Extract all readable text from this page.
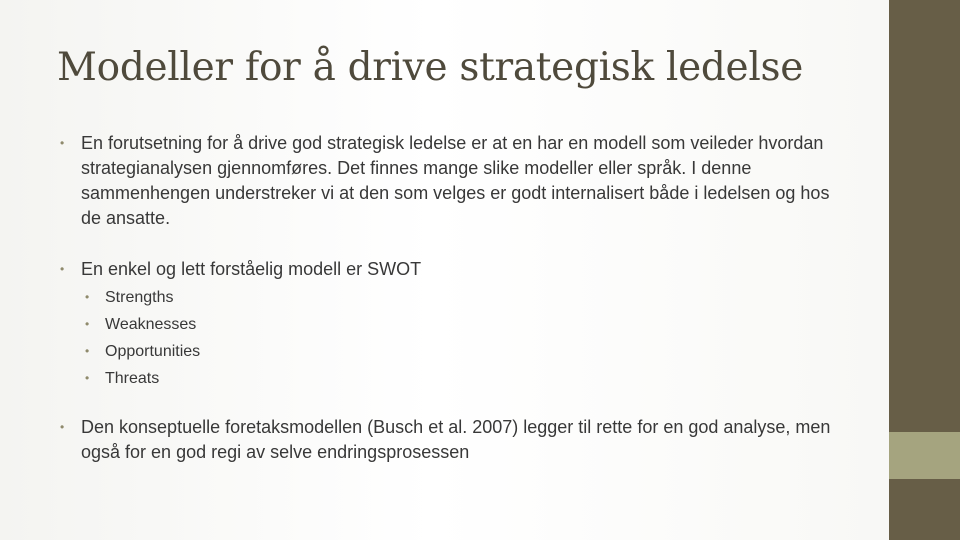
Modeller for å drive strategisk ledelse
• En forutsetning for å drive god strategisk ledelse er at en har en modell som veileder hvordan strategianalysen gjennomføres. Det finnes mange slike modeller eller språk. I denne sammenhengen understreker vi at den som velges er godt internalisert både i ledelsen og hos de ansatte.
• En enkel og lett forståelig modell er SWOT
• Strengths
• Weaknesses
• Opportunities
• Threats
• Den konseptuelle foretaksmodellen (Busch et al. 2007) legger til rette for en god analyse, men også for en god regi av selve endringsprosessen
